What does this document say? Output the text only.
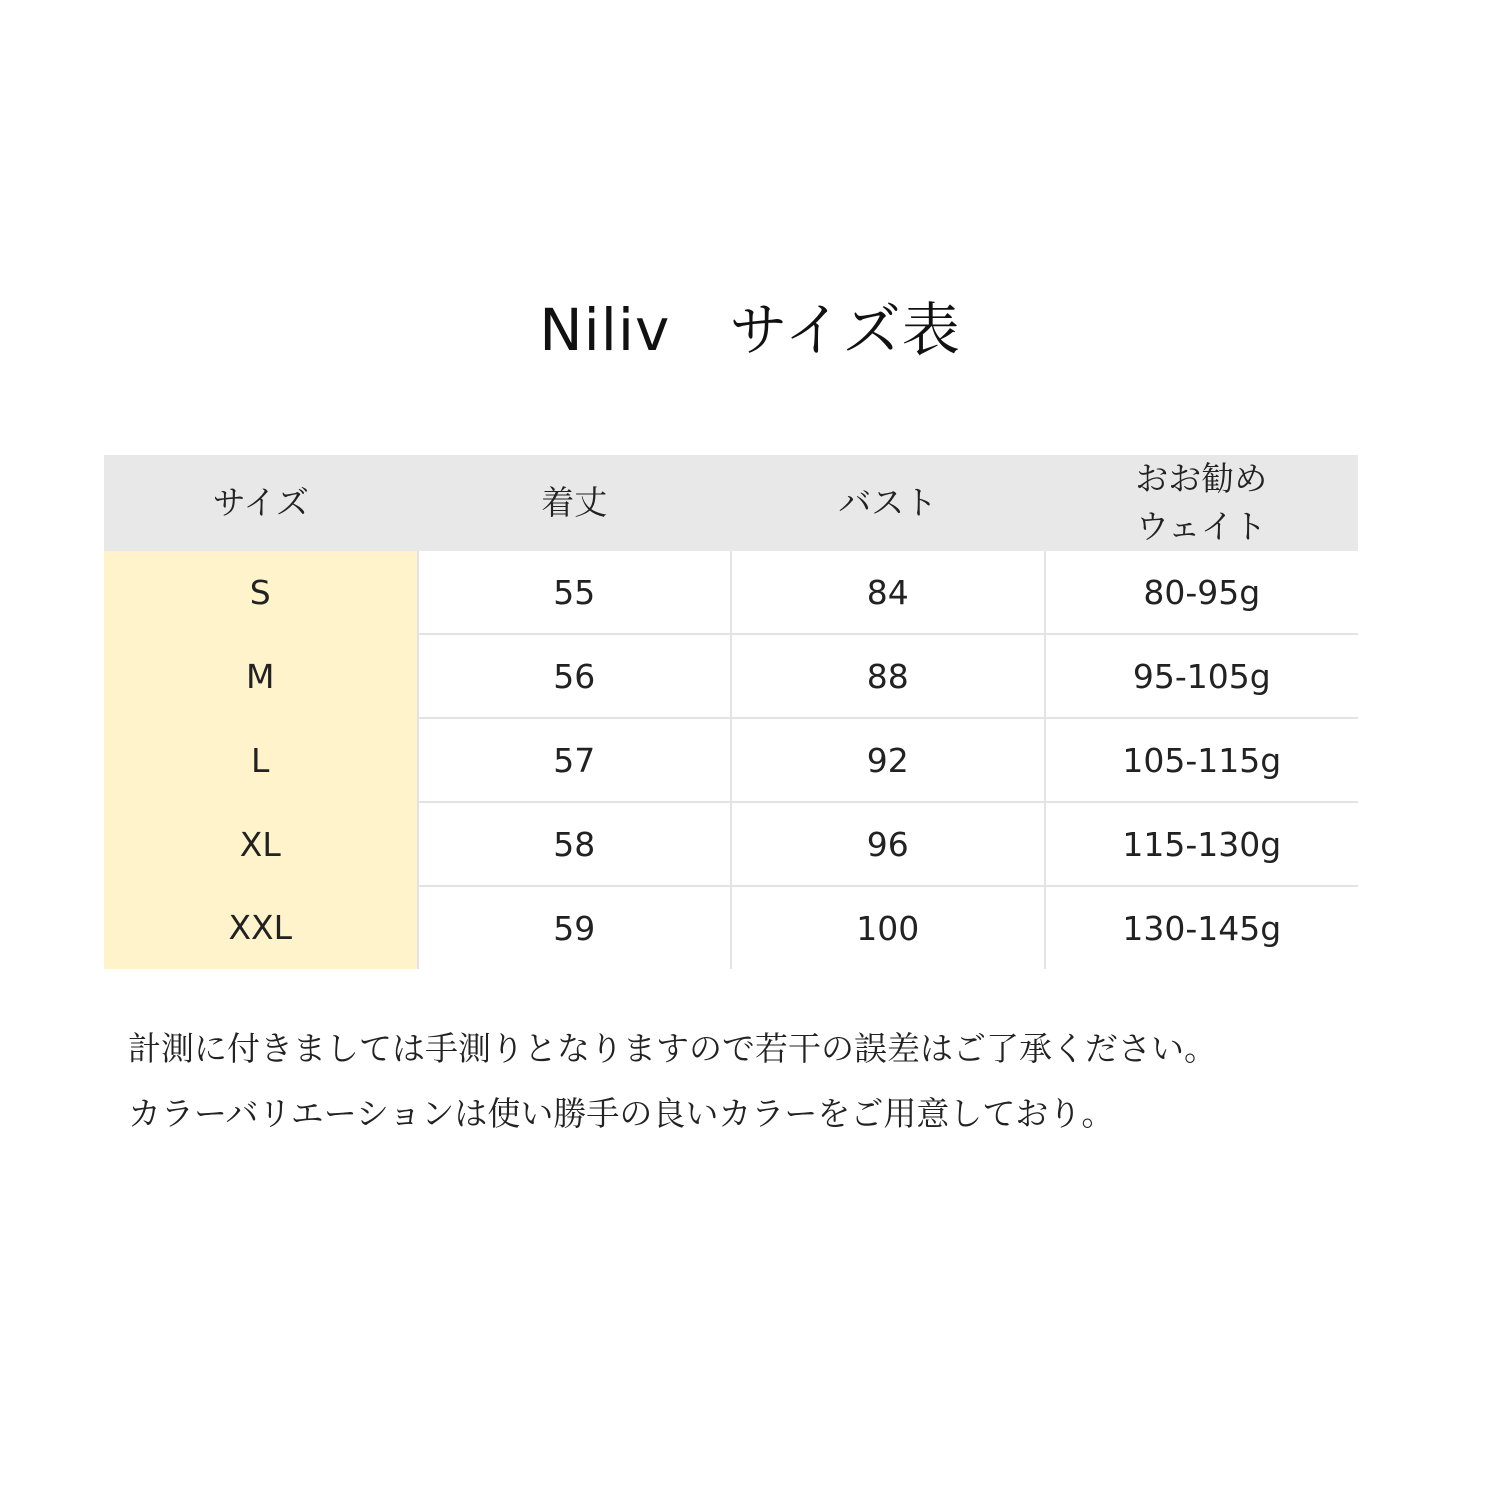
Niliv　サイズ表
サイズ	着丈	バスト	おお勧め
ウェイト
S	55	84	80-95g
M	56	88	95-105g
L	57	92	105-115g
XL	58	96	115-130g
XXL	59	100	130-145g
計測に付きましては手測りとなりますので若干の誤差はご了承ください。
カラーバリエーションは使い勝手の良いカラーをご用意しており。
